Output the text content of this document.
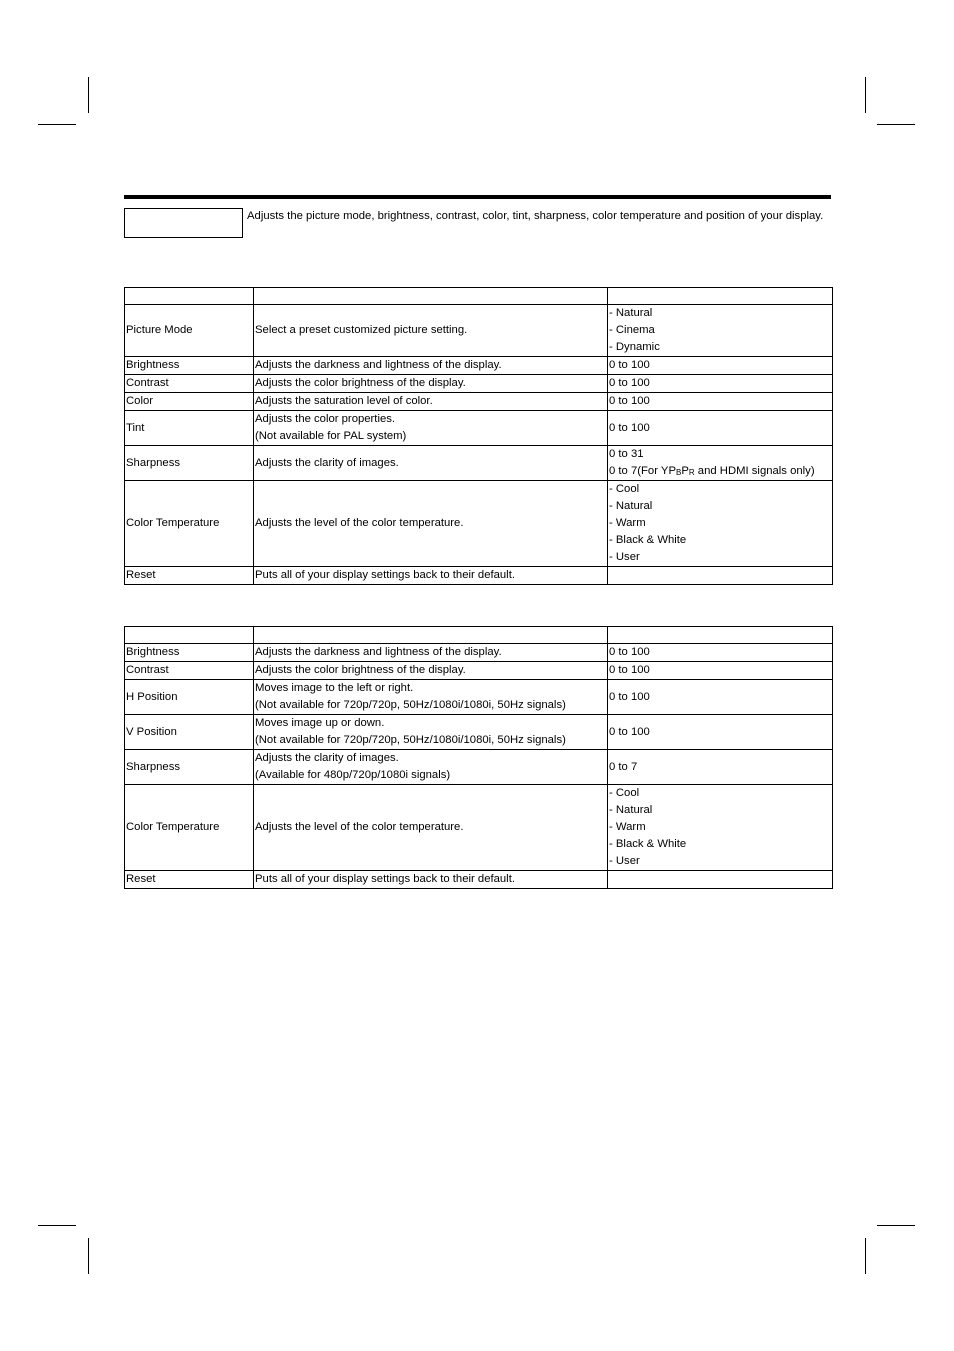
Adjusts the picture mode, brightness, contrast, color, tint, sharpness, color temperature and position of your display.

Picture Mode	Select a preset customized picture setting.	- Natural
- Cinema
- Dynamic

Brightness	Adjusts the darkness and lightness of the display.	0 to 100

Contrast	Adjusts the color brightness of the display.	0 to 100

Color	Adjusts the saturation level of color.	0 to 100

Tint	Adjusts the color properties.
(Not available for PAL system)	0 to 100

Sharpness	Adjusts the clarity of images.	0 to 31
0 to 7(For $YP_BP_R$ and HDMI signals only)

Color Temperature	Adjusts the level of the color temperature.	- Cool
- Natural
- Warm
- Black & White
- User

Reset	Puts all of your display settings back to their default.	

Brightness	Adjusts the darkness and lightness of the display.	0 to 100

Contrast	Adjusts the color brightness of the display.	0 to 100

H Position	Moves image to the left or right.
(Not available for 720p/720p, 50Hz/1080i/1080i, 50Hz signals)	0 to 100

V Position	Moves image up or down.
(Not available for 720p/720p, 50Hz/1080i/1080i, 50Hz signals)	0 to 100

Sharpness	Adjusts the clarity of images.
(Available for 480p/720p/1080i signals)	0 to 7

Color Temperature	Adjusts the level of the color temperature.	- Cool
- Natural
- Warm
- Black & White
- User

Reset	Puts all of your display settings back to their default.	
